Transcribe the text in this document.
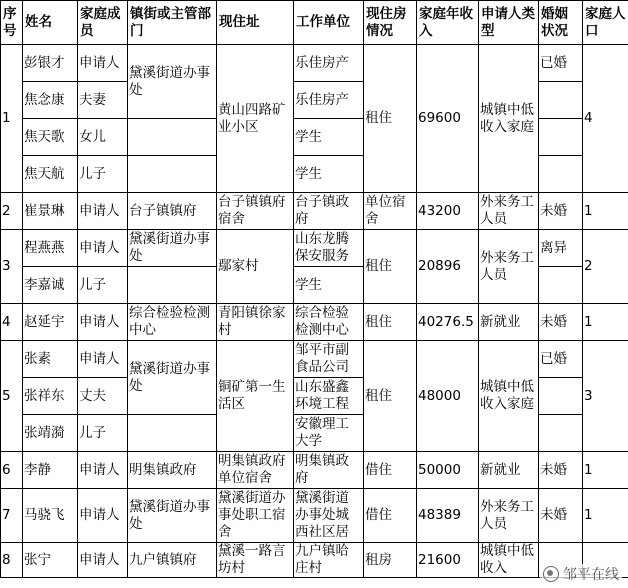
序号	姓名	家庭成员	镇街或主管部门	现住址	工作单位	现住房情况	家庭年收入	申请人类型	婚姻状况	家庭人口
1	彭银才	申请人	黛溪街道办事处	黄山四路矿业小区	乐佳房产	租住	69600	城镇中低收入家庭	已婚	4
	焦念康	夫妻			乐佳房产					
	焦天歌	女儿			学生					
	焦天航	儿子			学生					
2	崔景琳	申请人	台子镇镇府	台子镇镇府宿舍	台子镇政府	单位宿舍	43200	外来务工人员	未婚	1
3	程燕燕	申请人	黛溪街道办事处	鄢家村	山东龙腾保安服务	租住	20896	外来务工人员	离异	2
	李嘉诚	儿子			学生					
4	赵延宇	申请人	综合检验检测中心	青阳镇徐家村	综合检验检测中心	租住	40276.5	新就业	未婚	1
5	张素	申请人	黛溪街道办事处	铜矿第一生活区	邹平市副食品公司	租住	48000	城镇中低收入家庭	已婚	3
	张祥东	丈夫			山东盛鑫环境工程					
	张靖漪	儿子			安徽理工大学					
6	李静	申请人	明集镇政府	明集镇政府单位宿舍	明集镇政府	借住	50000	新就业	未婚	1
7	马骁飞	申请人	黛溪街道办事处	黛溪街道办事处职工宿舍	黛溪街道办事处城西社区居	借住	48389	外来务工人员	未婚	1
8	张宁	申请人	九户镇镇府	黛溪一路言坊村	九户镇哈庄村	租房	21600	城镇中低收入			邹平在线
